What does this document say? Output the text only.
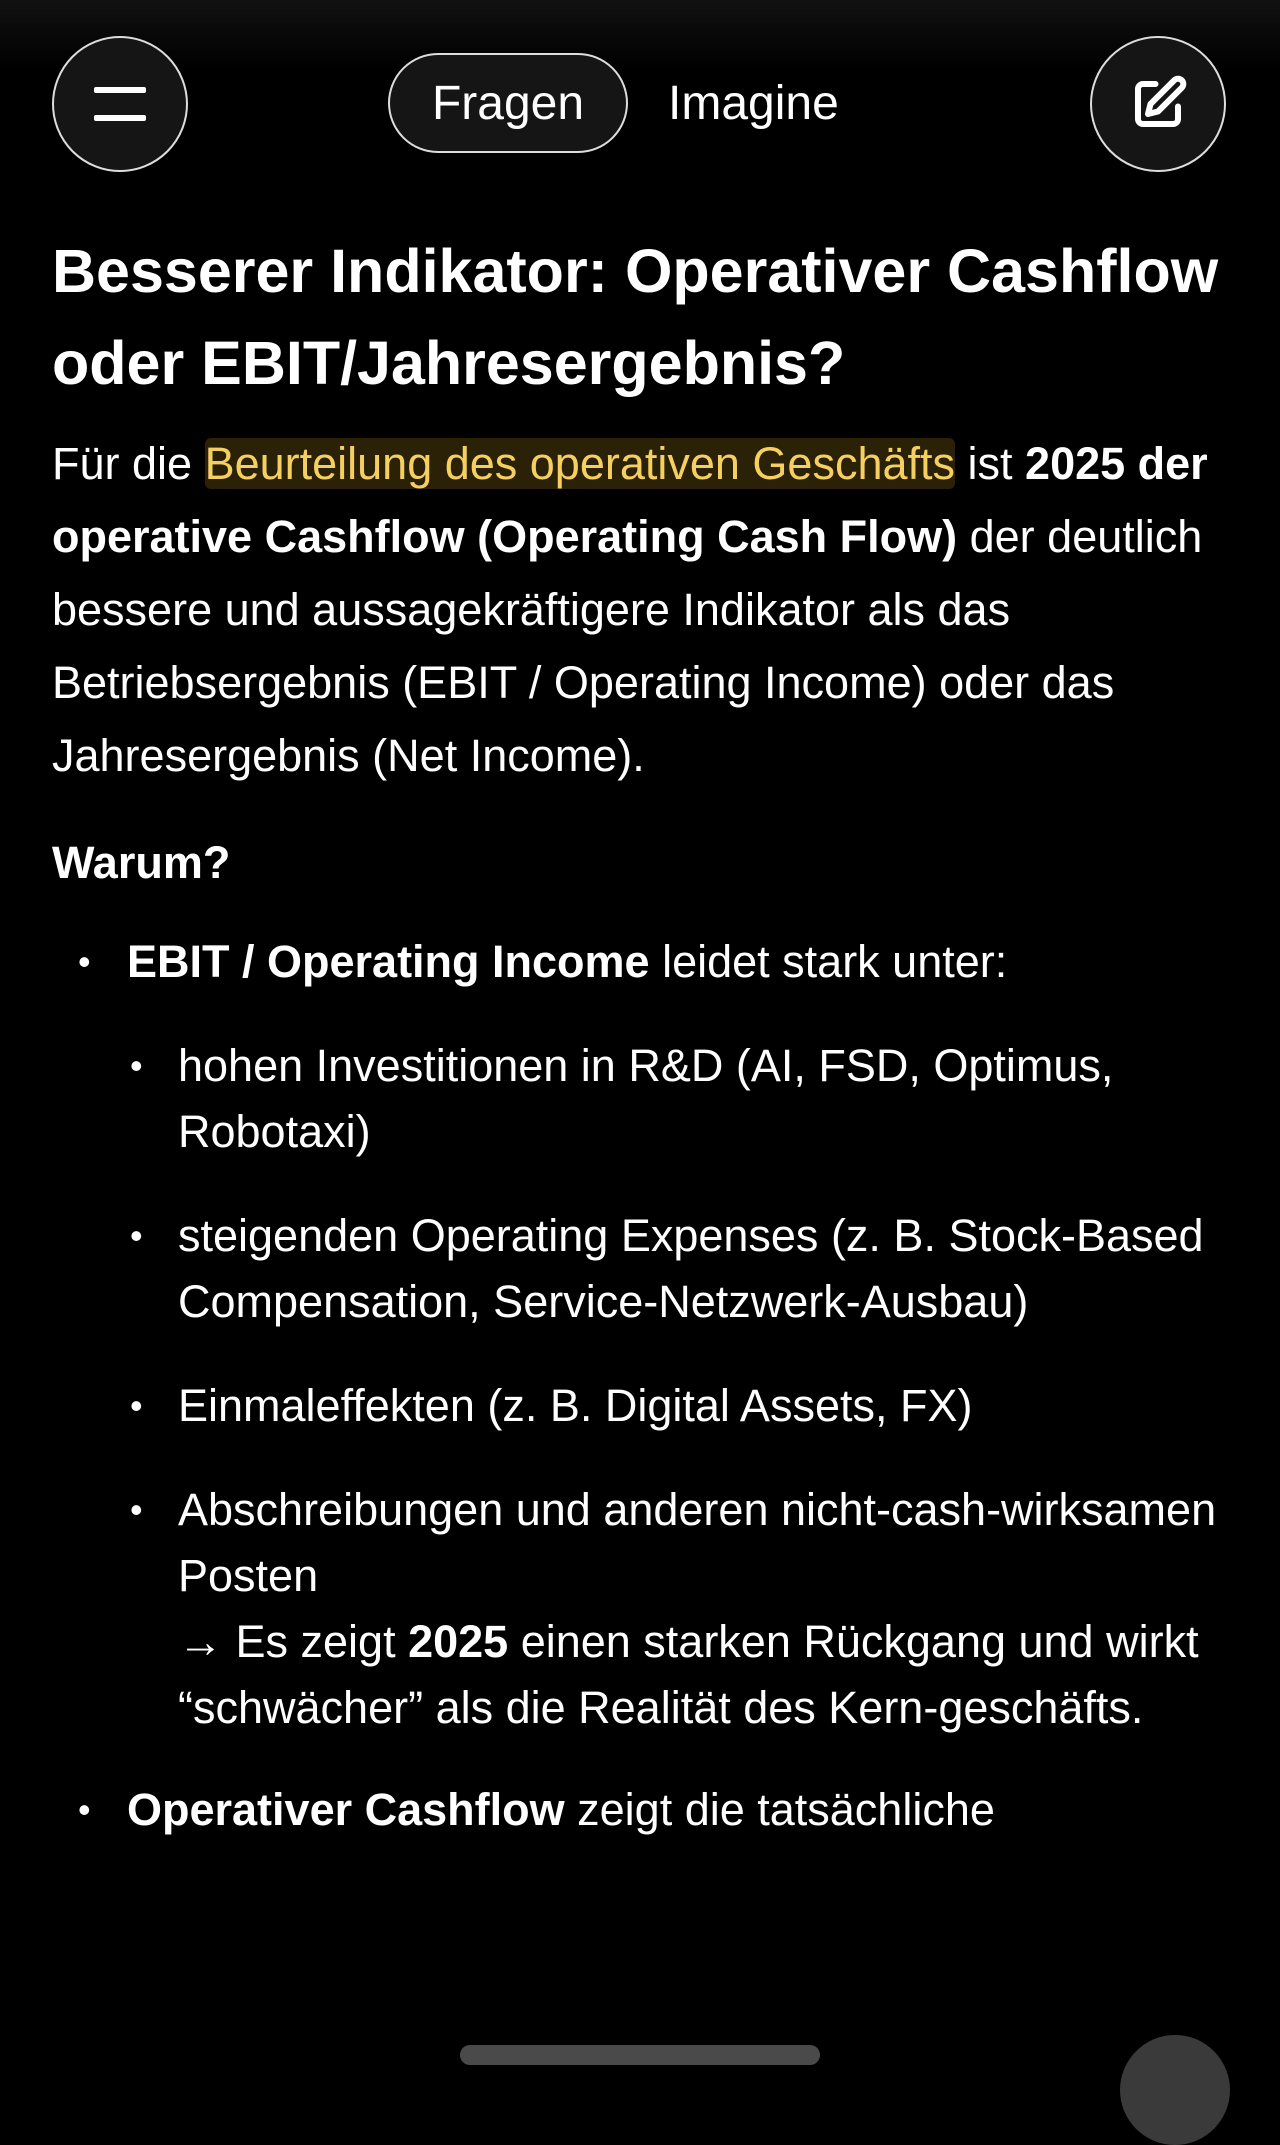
Fragen Imagine
Besserer Indikator: Operativer Cashflow oder EBIT/Jahresergebnis?

Für die Beurteilung des operativen Geschäfts ist 2025 der operative Cashflow (Operating Cash Flow) der deutlich bessere und aussagekräftigere Indikator als das Betriebsergebnis (EBIT / Operating Income) oder das Jahresergebnis (Net Income).

Warum?
• EBIT / Operating Income leidet stark unter:
• hohen Investitionen in R&D (AI, FSD, Optimus, Robotaxi)
• steigenden Operating Expenses (z. B. Stock-Based Compensation, Service-Netzwerk-Ausbau)
• Einmaleffekten (z. B. Digital Assets, FX)
• Abschreibungen und anderen nicht-cash-wirksamen Posten
→ Es zeigt 2025 einen starken Rückgang und wirkt “schwächer” als die Realität des Kern-geschäfts.
• Operativer Cashflow zeigt die tatsächliche
